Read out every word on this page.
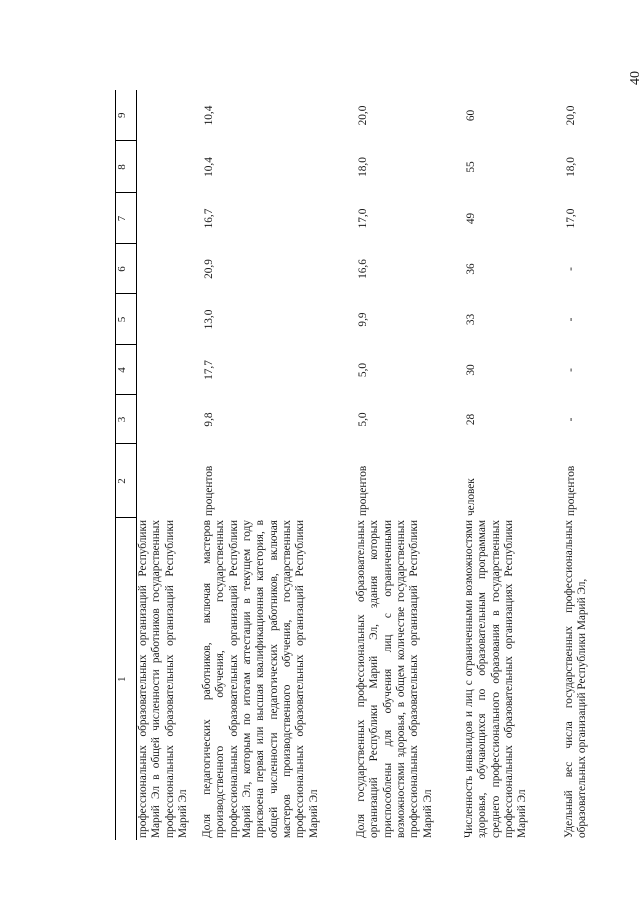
40
1	2	3	4	5	6	7	8	9
профессиональных образовательных организаций Республики Марий Эл в общей численности работников государственных профессиональных образовательных организаций Республики Марий Эл								
Доля педагогических работников, включая мастеров производственного обучения, государственных профессиональных образовательных организаций Республики Марий Эл, которым по итогам аттестации в текущем году присвоена первая или высшая квалификационная категория, в общей численности педагогических работников, включая мастеров производственного обучения, государственных профессиональных образовательных организаций Республики Марий Эл	процентов	9,8	17,7	13,0	20,9	16,7	10,4	10,4
Доля государственных профессиональных образовательных организаций Республики Марий Эл, здания которых приспособлены для обучения лиц с ограниченными возможностями здоровья, в общем количестве государственных профессиональных образовательных организаций Республики Марий Эл	процентов	5,0	5,0	9,9	16,6	17,0	18,0	20,0
Численность инвалидов и лиц с ограниченными возможностями здоровья, обучающихся по образовательным программам среднего профессионального образования в государственных профессиональных образовательных организациях Республики Марий Эл	человек	28	30	33	36	49	55	60
Удельный вес числа государственных профессиональных образовательных организаций Республики Марий Эл,	процентов	-	-	-	-	17,0	18,0	20,0
